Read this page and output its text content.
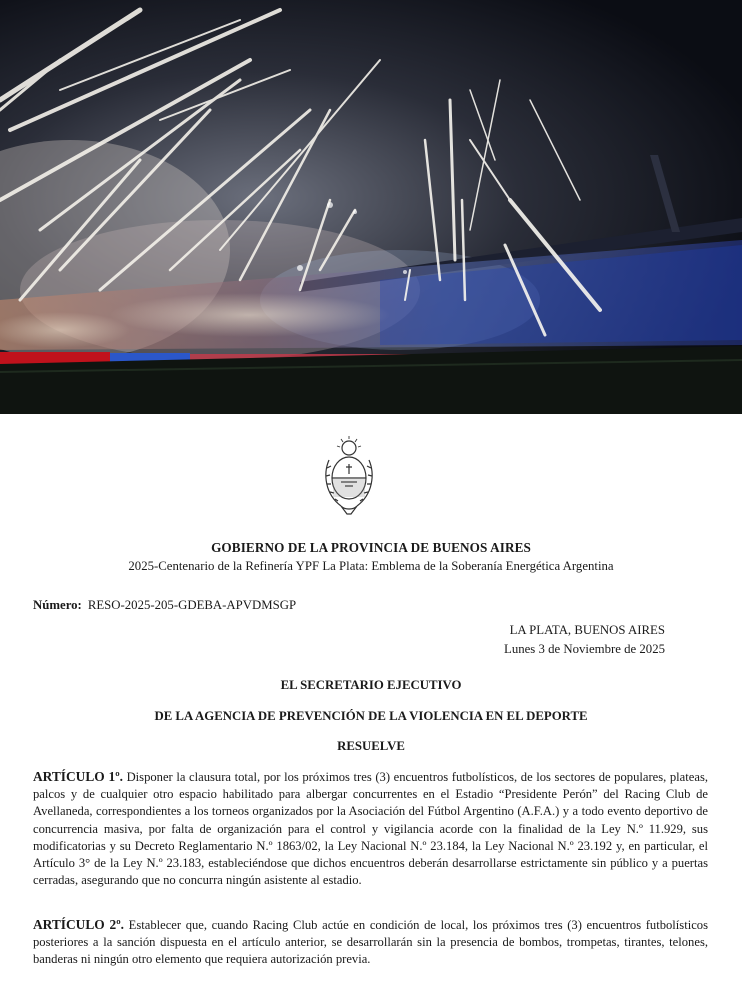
GOBIERNO DE LA PROVINCIA DE BUENOS AIRES
2025-Centenario de la Refinería YPF La Plata: Emblema de la Soberanía Energética Argentina
Número: RESO-2025-205-GDEBA-APVDMSGP
LA PLATA, BUENOS AIRES
Lunes 3 de Noviembre de 2025
EL SECRETARIO EJECUTIVO
DE LA AGENCIA DE PREVENCIÓN DE LA VIOLENCIA EN EL DEPORTE
RESUELVE
ARTÍCULO 1º. Disponer la clausura total, por los próximos tres (3) encuentros futbolísticos, de los sectores de populares, plateas, palcos y de cualquier otro espacio habilitado para albergar concurrentes en el Estadio “Presidente Perón” del Racing Club de Avellaneda, correspondientes a los torneos organizados por la Asociación del Fútbol Argentino (A.F.A.) y a todo evento deportivo de concurrencia masiva, por falta de organización para el control y vigilancia acorde con la finalidad de la Ley N.º 11.929, sus modificatorias y su Decreto Reglamentario N.º 1863/02, la Ley Nacional N.º 23.184, la Ley Nacional N.º 23.192 y, en particular, el Artículo 3° de la Ley N.º 23.183, estableciéndose que dichos encuentros deberán desarrollarse estrictamente sin público y a puertas cerradas, asegurando que no concurra ningún asistente al estadio.
ARTÍCULO 2º. Establecer que, cuando Racing Club actúe en condición de local, los próximos tres (3) encuentros futbolísticos posteriores a la sanción dispuesta en el artículo anterior, se desarrollarán sin la presencia de bombos, trompetas, tirantes, telones, banderas ni ningún otro elemento que requiera autorización previa.
